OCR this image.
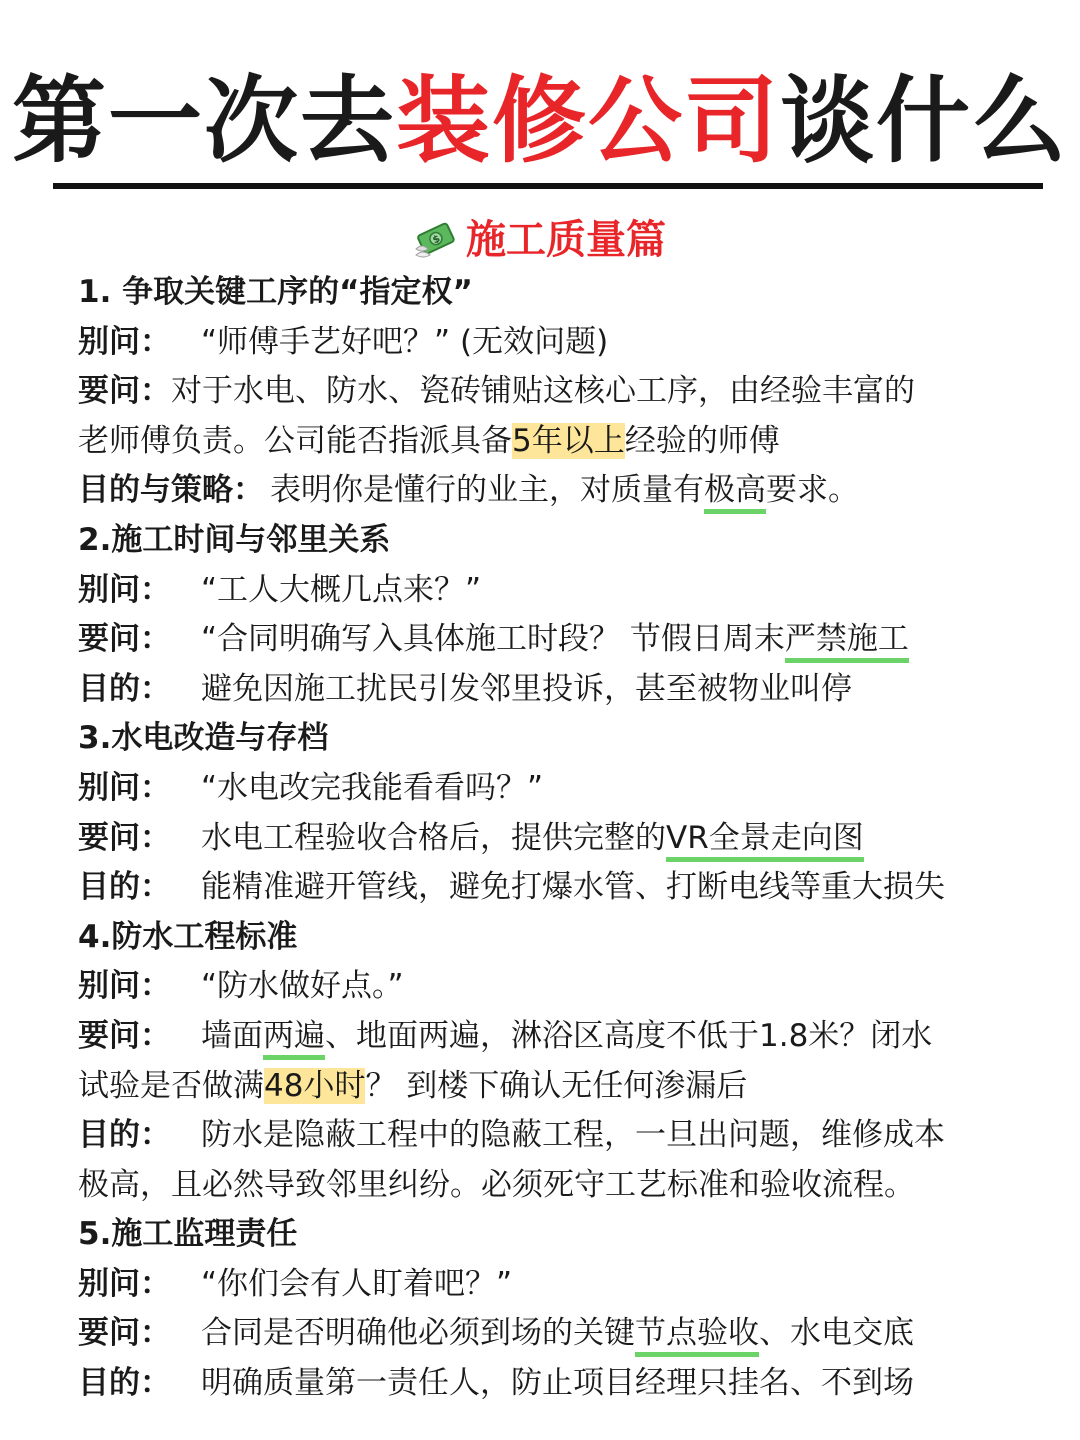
第一次去装修公司谈什么
$ 施工质量篇
1. 争取关键工序的“指定权”
别问： “师傅手艺好吧？” (无效问题)
要问：对于水电、防水、瓷砖铺贴这核心工序，由经验丰富的
老师傅负责。公司能否指派具备5年以上经验的师傅
目的与策略： 表明你是懂行的业主，对质量有极高要求。
2.施工时间与邻里关系
别问： “工人大概几点来？”
要问： “合同明确写入具体施工时段？ 节假日周末严禁施工
目的： 避免因施工扰民引发邻里投诉，甚至被物业叫停
3.水电改造与存档
别问： “水电改完我能看看吗？”
要问： 水电工程验收合格后，提供完整的VR全景走向图
目的： 能精准避开管线，避免打爆水管、打断电线等重大损失
4.防水工程标准
别问： “防水做好点。”
要问： 墙面两遍、地面两遍，淋浴区高度不低于1.8米？闭水
试验是否做满48小时？ 到楼下确认无任何渗漏后
目的： 防水是隐蔽工程中的隐蔽工程，一旦出问题，维修成本
极高，且必然导致邻里纠纷。必须死守工艺标准和验收流程。
5.施工监理责任
别问： “你们会有人盯着吧？”
要问： 合同是否明确他必须到场的关键节点验收、水电交底
目的： 明确质量第一责任人，防止项目经理只挂名、不到场
